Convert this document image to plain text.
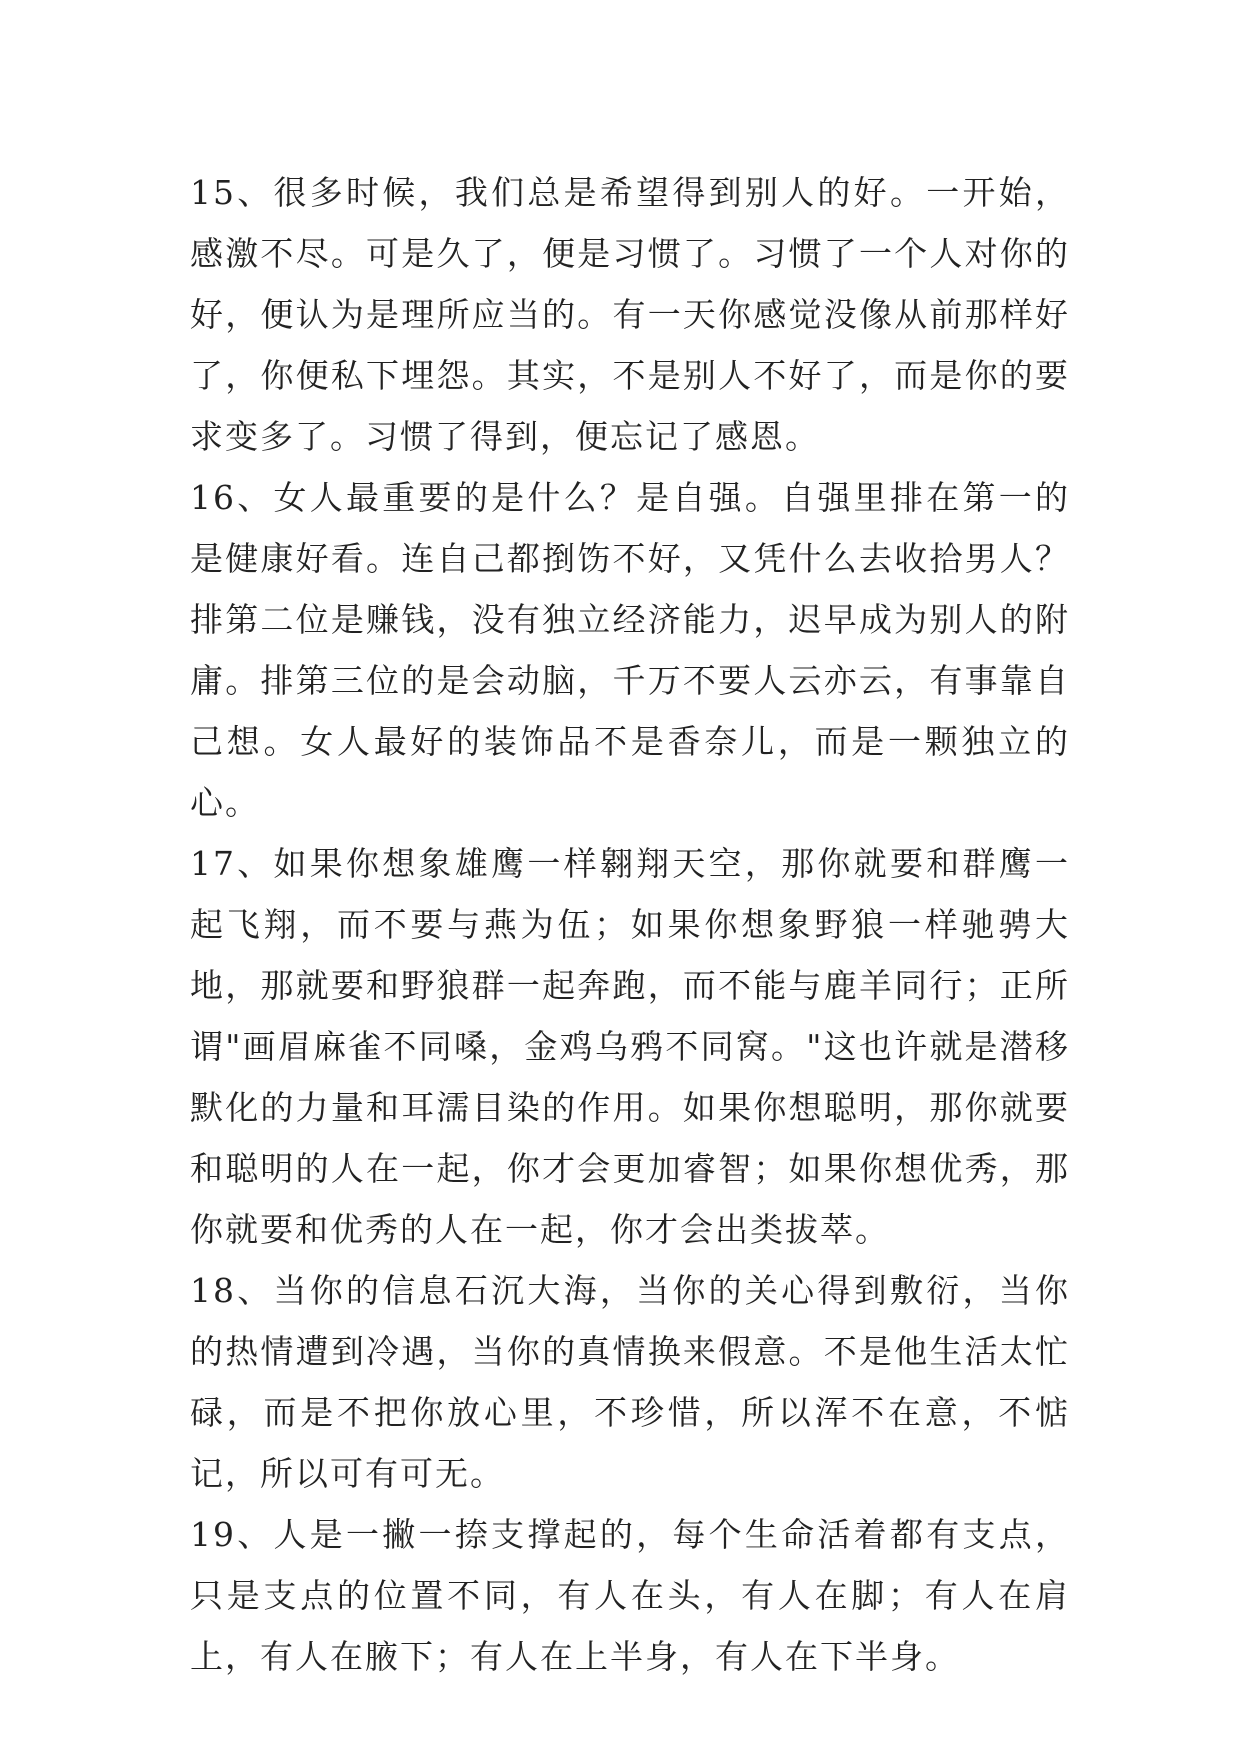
15、很多时候，我们总是希望得到别人的好。一开始，感激不尽。可是久了，便是习惯了。习惯了一个人对你的好，便认为是理所应当的。有一天你感觉没像从前那样好了，你便私下埋怨。其实，不是别人不好了，而是你的要求变多了。习惯了得到，便忘记了感恩。

16、女人最重要的是什么？是自强。自强里排在第一的是健康好看。连自己都捯饬不好，又凭什么去收拾男人？排第二位是赚钱，没有独立经济能力，迟早成为别人的附庸。排第三位的是会动脑，千万不要人云亦云，有事靠自己想。女人最好的装饰品不是香奈儿，而是一颗独立的心。

17、如果你想象雄鹰一样翱翔天空，那你就要和群鹰一起飞翔，而不要与燕为伍；如果你想象野狼一样驰骋大地，那就要和野狼群一起奔跑，而不能与鹿羊同行；正所谓"画眉麻雀不同嗓，金鸡乌鸦不同窝。"这也许就是潜移默化的力量和耳濡目染的作用。如果你想聪明，那你就要和聪明的人在一起，你才会更加睿智；如果你想优秀，那你就要和优秀的人在一起，你才会出类拔萃。

18、当你的信息石沉大海，当你的关心得到敷衍，当你的热情遭到冷遇，当你的真情换来假意。不是他生活太忙碌，而是不把你放心里，不珍惜，所以浑不在意，不惦记，所以可有可无。

19、人是一撇一捺支撑起的，每个生命活着都有支点，只是支点的位置不同，有人在头，有人在脚；有人在肩上，有人在腋下；有人在上半身，有人在下半身。
